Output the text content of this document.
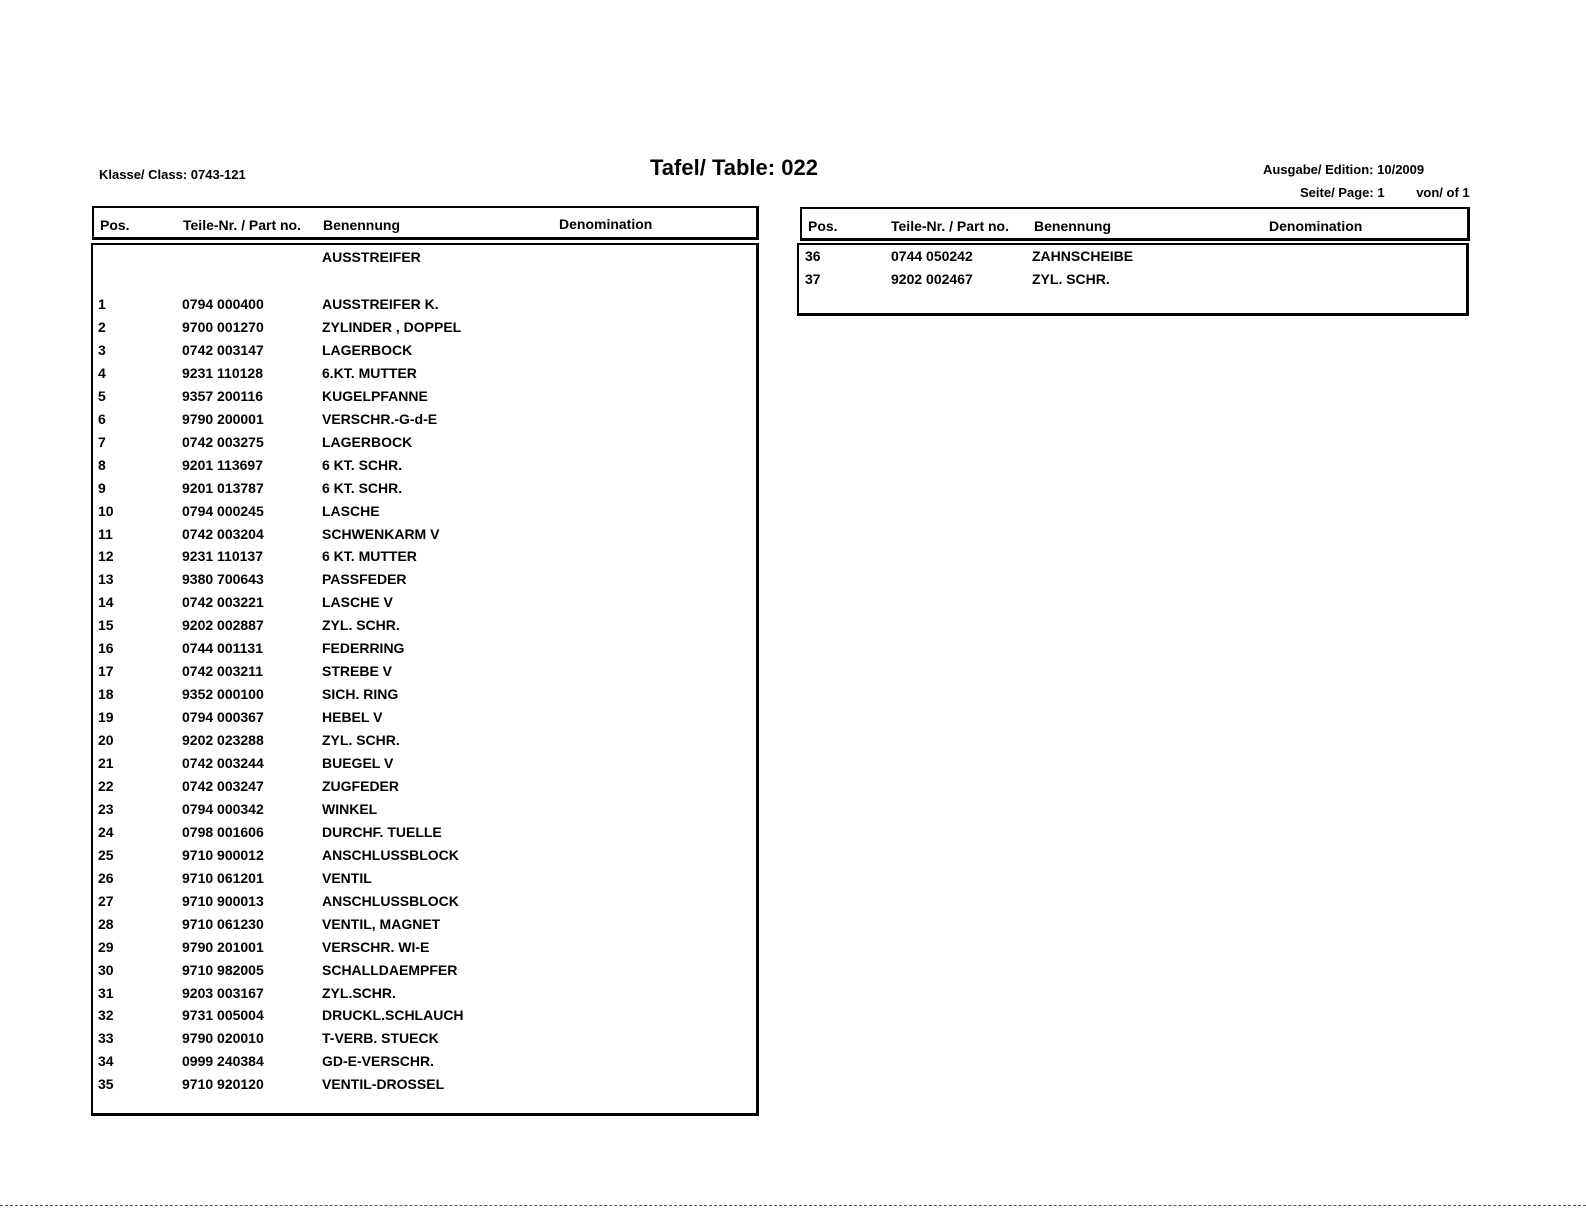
Klasse/ Class: 0743-121	Tafel/ Table: 022	Ausgabe/ Edition: 10/2009
Seite/ Page: 1 von/ of 1
Pos.	Teile-Nr. / Part no. Benennung	Denomination
AUSSTREIFER
1	0794 000400	AUSSTREIFER K.
2	9700 001270	ZYLINDER , DOPPEL
3	0742 003147	LAGERBOCK
4	9231 110128	6.KT. MUTTER
5	9357 200116	KUGELPFANNE
6	9790 200001	VERSCHR.-G-d-E
7	0742 003275	LAGERBOCK
8	9201 113697	6 KT. SCHR.
9	9201 013787	6 KT. SCHR.
10	0794 000245	LASCHE
11	0742 003204	SCHWENKARM V
12	9231 110137	6 KT. MUTTER
13	9380 700643	PASSFEDER
14	0742 003221	LASCHE V
15	9202 002887	ZYL. SCHR.
16	0744 001131	FEDERRING
17	0742 003211	STREBE V
18	9352 000100	SICH. RING
19	0794 000367	HEBEL V
20	9202 023288	ZYL. SCHR.
21	0742 003244	BUEGEL V
22	0742 003247	ZUGFEDER
23	0794 000342	WINKEL
24	0798 001606	DURCHF. TUELLE
25	9710 900012	ANSCHLUSSBLOCK
26	9710 061201	VENTIL
27	9710 900013	ANSCHLUSSBLOCK
28	9710 061230	VENTIL, MAGNET
29	9790 201001	VERSCHR. WI-E
30	9710 982005	SCHALLDAEMPFER
31	9203 003167	ZYL.SCHR.
32	9731 005004	DRUCKL.SCHLAUCH
33	9790 020010	T-VERB. STUECK
34	0999 240384	GD-E-VERSCHR.
35	9710 920120	VENTIL-DROSSEL
Pos.	Teile-Nr. / Part no. Benennung	Denomination
36	0744 050242	ZAHNSCHEIBE
37	9202 002467	ZYL. SCHR.
